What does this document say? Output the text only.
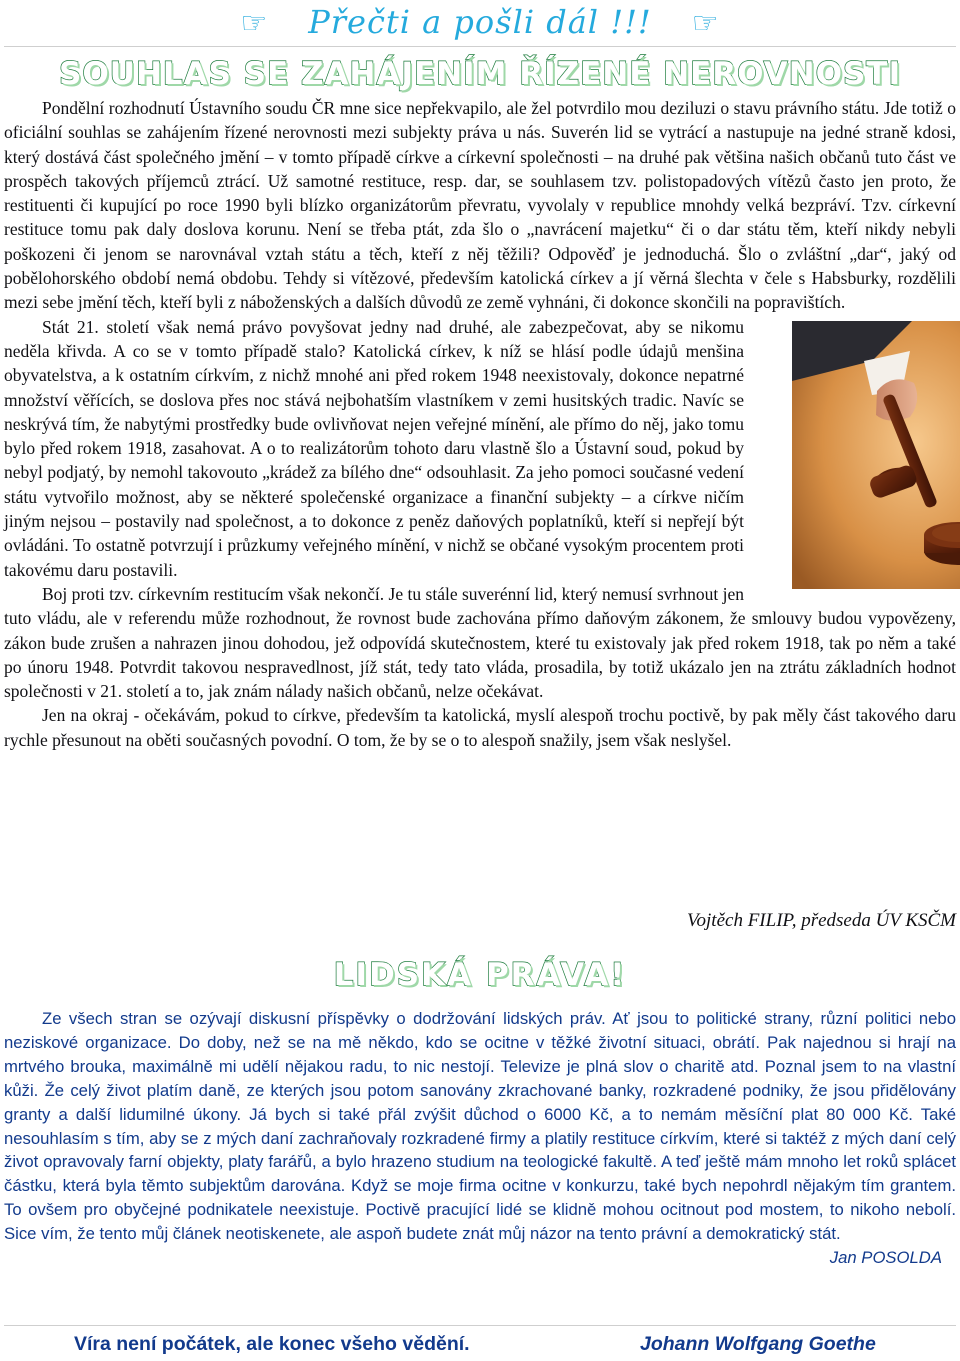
☞ Přečti a pošli dál !!! ☞
SOUHLAS SE ZAHÁJENÍM ŘÍZENÉ NEROVNOSTI

Pondělní rozhodnutí Ústavního soudu ČR mne sice nepřekvapilo, ale žel potvrdilo mou deziluzi o stavu právního státu. Jde totiž o oficiální souhlas se zahájením řízené nerovnosti mezi subjekty práva u nás. Suverén lid se vytrácí a nastupuje na jedné straně kdosi, který dostává část společného jmění – v tomto případě církve a církevní společnosti – na druhé pak většina našich občanů tuto část ve prospěch takových příjemců ztrácí. Už samotné restituce, resp. dar, se souhlasem tzv. polistopadových vítězů často jen proto, že restituenti či kupující po roce 1990 byli blízko organizátorům převratu, vyvolaly v republice mnohdy velká bezpráví. Tzv. církevní restituce tomu pak daly doslova korunu. Není se třeba ptát, zda šlo o „navrácení majetku“ či o dar státu těm, kteří nikdy nebyli poškozeni či jenom se narovnával vztah státu a těch, kteří z něj těžili? Odpověď je jednoduchá. Šlo o zvláštní „dar“, jaký od pobělohorského období nemá obdobu. Tehdy si vítězové, především katolická církev a jí věrná šlechta v čele s Habsburky, rozdělili mezi sebe jmění těch, kteří byli z náboženských a dalších důvodů ze země vyhnáni, či dokonce skončili na popravištích.

Stát 21. století však nemá právo povyšovat jedny nad druhé, ale zabezpečovat, aby se nikomu neděla křivda. A co se v tomto případě stalo? Katolická církev, k níž se hlásí podle údajů menšina obyvatelstva, a k ostatním církvím, z nichž mnohé ani před rokem 1948 neexistovaly, dokonce nepatrné množství věřících, se doslova přes noc stává nejbohatším vlastníkem v zemi husitských tradic. Navíc se neskrývá tím, že nabytými prostředky bude ovlivňovat nejen veřejné mínění, ale přímo do něj, jako tomu bylo před rokem 1918, zasahovat. A o to realizátorům tohoto daru vlastně šlo a Ústavní soud, pokud by nebyl podjatý, by nemohl takovouto „krádež za bílého dne“ odsouhlasit. Za jeho pomoci současné vedení státu vytvořilo možnost, aby se některé společenské organizace a finanční subjekty – a církve ničím jiným nejsou – postavily nad společnost, a to dokonce z peněz daňových poplatníků, kteří si nepřejí být ovládáni. To ostatně potvrzují i průzkumy veřejného mínění, v nichž se občané vysokým procentem proti takovému daru postavili.

Boj proti tzv. církevním restitucím však nekončí. Je tu stále suverénní lid, který nemusí svrhnout jen tuto vládu, ale v referendu může rozhodnout, že rovnost bude zachována přímo daňovým zákonem, že smlouvy budou vypovězeny, zákon bude zrušen a nahrazen jinou dohodou, jež odpovídá skutečnostem, které tu existovaly jak před rokem 1918, tak po něm a také po únoru 1948. Potvrdit takovou nespravedlnost, jíž stát, tedy tato vláda, prosadila, by totiž ukázalo jen na ztrátu základních hodnot společnosti v 21. století a to, jak znám nálady našich občanů, nelze očekávat.

Jen na okraj - očekávám, pokud to církve, především ta katolická, myslí alespoň trochu poctivě, by pak měly část takového daru rychle přesunout na oběti současných povodní. O tom, že by se o to alespoň snažily, jsem však neslyšel.

Vojtěch FILIP, předseda ÚV KSČM
LIDSKÁ PRÁVA!

Ze všech stran se ozývají diskusní příspěvky o dodržování lidských práv. Ať jsou to politické strany, různí politici nebo neziskové organizace. Do doby, než se na mě někdo, kdo se ocitne v těžké životní situaci, obrátí. Pak najednou si hrají na mrtvého brouka, maximálně mi udělí nějakou radu, to nic nestojí. Televize je plná slov o charitě atd. Poznal jsem to na vlastní kůži. Že celý život platím daně, ze kterých jsou potom sanovány zkrachované banky, rozkradené podniky, že jsou přidělovány granty a další lidumilné úkony. Já bych si také přál zvýšit důchod o 6000 Kč, a to nemám měsíční plat 80 000 Kč. Také nesouhlasím s tím, aby se z mých daní zachraňovaly rozkradené firmy a platily restituce církvím, které si taktéž z mých daní celý život opravovaly farní objekty, platy farářů, a bylo hrazeno studium na teologické fakultě. A teď ještě mám mnoho let roků splácet částku, která byla těmto subjektům darována. Když se moje firma ocitne v konkurzu, také bych nepohrdl nějakým tím grantem. To ovšem pro obyčejné podnikatele neexistuje. Poctivě pracující lidé se klidně mohou ocitnout pod mostem, to nikoho nebolí. Sice vím, že tento můj článek neotiskenete, ale aspoň budete znát můj názor na tento právní a demokratický stát.
Jan POSOLDA

Víra není počátek, ale konec všeho vědění.	Johann Wolfgang Goethe
